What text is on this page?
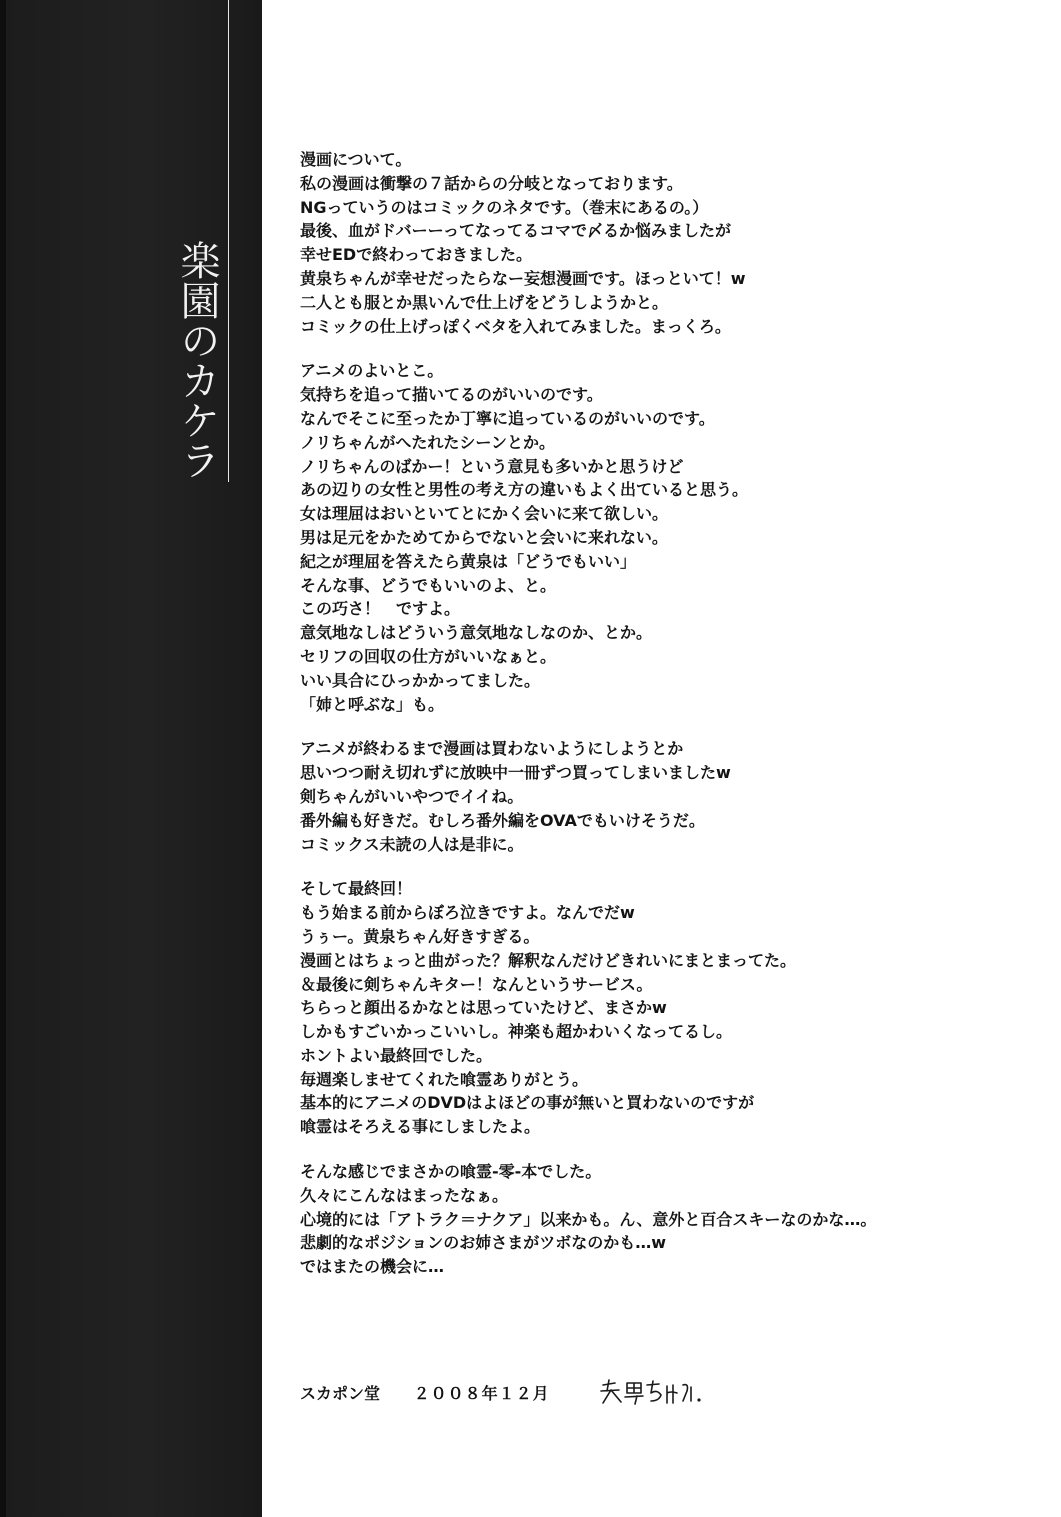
楽園のカケラ
漫画について。
私の漫画は衝撃の７話からの分岐となっております。
NGっていうのはコミックのネタです。（巻末にあるの。）
最後、血がドバーーってなってるコマで〆るか悩みましたが
幸せEDで終わっておきました。
黄泉ちゃんが幸せだったらなー妄想漫画です。ほっといて！w
二人とも服とか黒いんで仕上げをどうしようかと。
コミックの仕上げっぽくベタを入れてみました。まっくろ。
アニメのよいとこ。
気持ちを追って描いてるのがいいのです。
なんでそこに至ったか丁寧に追っているのがいいのです。
ノリちゃんがへたれたシーンとか。
ノリちゃんのばかー！という意見も多いかと思うけど
あの辺りの女性と男性の考え方の違いもよく出ていると思う。
女は理屈はおいといてとにかく会いに来て欲しい。
男は足元をかためてからでないと会いに来れない。
紀之が理屈を答えたら黄泉は「どうでもいい」
そんな事、どうでもいいのよ、と。
この巧さ！　ですよ。
意気地なしはどういう意気地なしなのか、とか。
セリフの回収の仕方がいいなぁと。
いい具合にひっかかってました。
「姉と呼ぶな」も。
アニメが終わるまで漫画は買わないようにしようとか
思いつつ耐え切れずに放映中一冊ずつ買ってしまいましたw
剣ちゃんがいいやつでイイね。
番外編も好きだ。むしろ番外編をOVAでもいけそうだ。
コミックス未読の人は是非に。
そして最終回！
もう始まる前からぼろ泣きですよ。なんでだw
うぅー。黄泉ちゃん好きすぎる。
漫画とはちょっと曲がった？解釈なんだけどきれいにまとまってた。
＆最後に剣ちゃんキター！なんというサービス。
ちらっと顔出るかなとは思っていたけど、まさかw
しかもすごいかっこいいし。神楽も超かわいくなってるし。
ホントよい最終回でした。
毎週楽しませてくれた喰霊ありがとう。
基本的にアニメのDVDはよほどの事が無いと買わないのですが
喰霊はそろえる事にしましたよ。
そんな感じでまさかの喰霊-零-本でした。
久々にこんなはまったなぁ。
心境的には「アトラク＝ナクア」以来かも。ん、意外と百合スキーなのかな…。
悲劇的なポジションのお姉さまがツボなのかも…w
ではまたの機会に…
スカポン堂 ２００８年１２月
